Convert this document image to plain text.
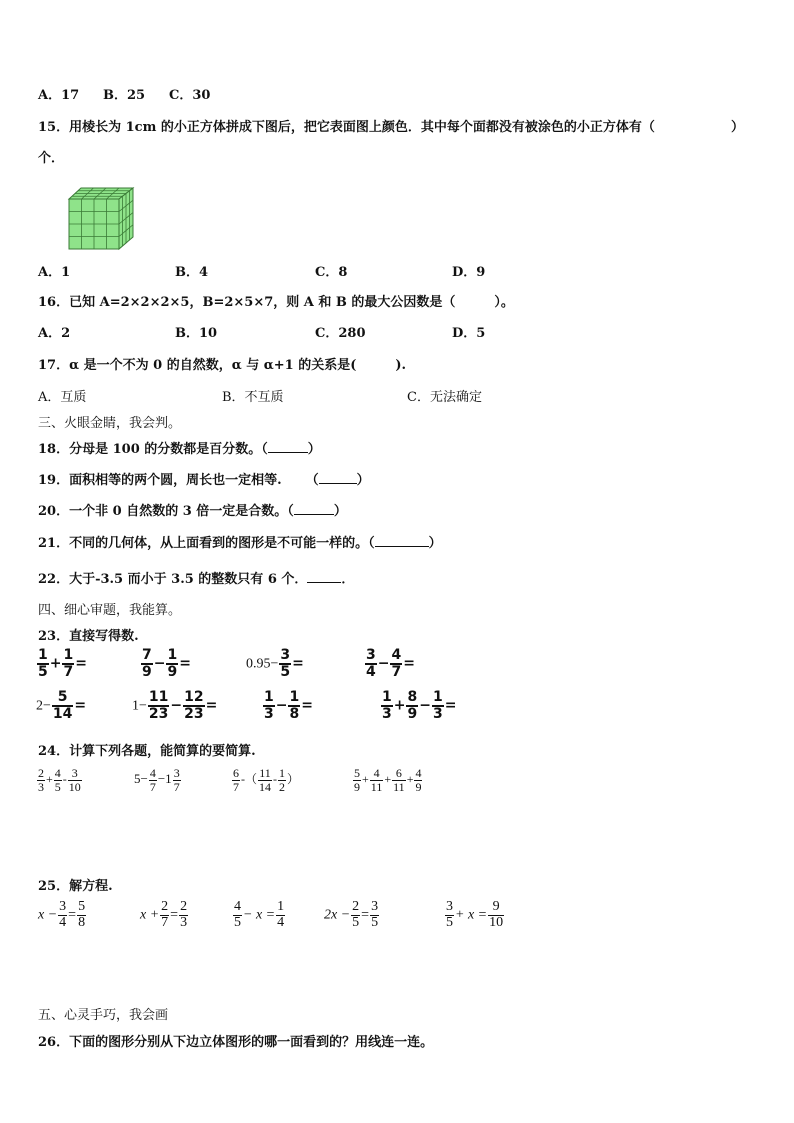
A．17 B．25 C．30
15．用棱长为 1cm 的小正方体拼成下图后，把它表面图上颜色．其中每个面都没有被涂色的小正方体有（	）
个．
A．1	B．4	C．8	D．9
16．已知 A=2×2×2×5，B=2×5×7，则 A 和 B 的最大公因数是（　　　）。
A．2	B．10	C．280	D．5
17．α 是一个不为 0 的自然数，α 与 α+1 的关系是(　　　).
A．互质	B．不互质	C．无法确定
三、火眼金睛，我会判。
18．分母是 100 的分数都是百分数。（	）
19．面积相等的两个圆，周长也一定相等. （	）
20．一个非 0 自然数的 3 倍一定是合数。（	）
21．不同的几何体，从上面看到的图形是不可能一样的。（	）
22．大于-3.5 而小于 3.5 的整数只有 6 个．	．
四、细心审题，我能算。
23．直接写得数.
$\frac{1}{5} + \frac{1}{7}$ =	$\frac{7}{9} - \frac{1}{9}$ =	$0.95- \frac{3}{5}$ =	$\frac{3}{4} - \frac{4}{7}$ =
$2- \frac{5}{14}$ =	$1- \frac{11}{23} - \frac{12}{23}$ =	$\frac{1}{3} - \frac{1}{8}$ =	$\frac{1}{3} + \frac{8}{9} - \frac{1}{3}$ =
24．计算下列各题，能简算的要简算.
$\frac{2}{3} + \frac{4}{5} - \frac{3}{10}$	$5- \frac{4}{7} -1 \frac{3}{7}$	$\frac{6}{7}$ -（ $\frac{11}{14} - \frac{1}{2}$ ）	$\frac{5}{9} + \frac{4}{11} + \frac{6}{11} + \frac{4}{9}$
25．解方程.
$x - \frac{3}{4} = \frac{5}{8}$	$x + \frac{2}{7} = \frac{2}{3}$	$\frac{4}{5} - x = \frac{1}{4}$	$2x - \frac{2}{5} = \frac{3}{5}$	$\frac{3}{5} + x = \frac{9}{10}$
五、心灵手巧，我会画
26．下面的图形分别从下边立体图形的哪一面看到的？用线连一连。
